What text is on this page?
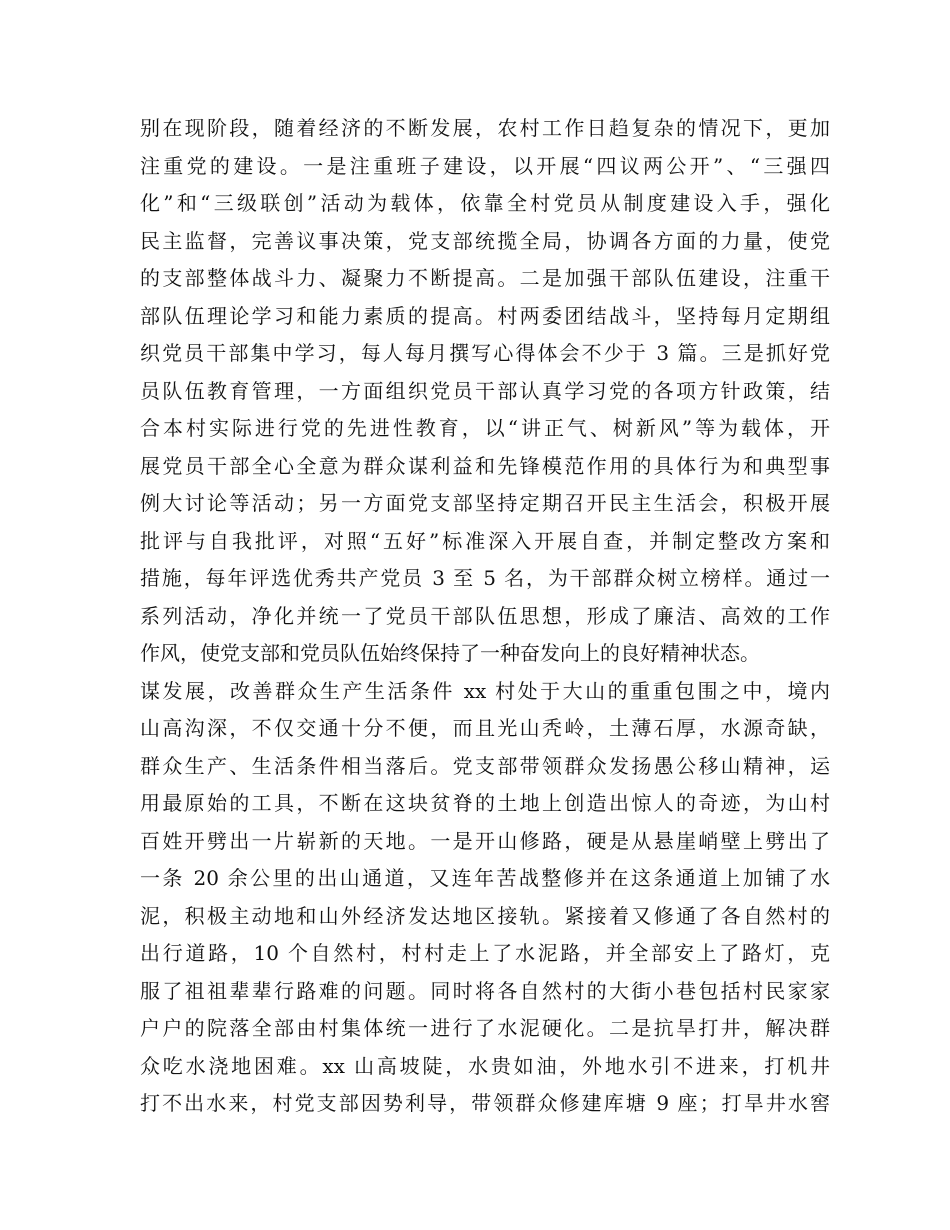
别在现阶段，随着经济的不断发展，农村工作日趋复杂的情况下，更加
注重党的建设。一是注重班子建设，以开展“四议两公开”、“三强四
化”和“三级联创”活动为载体，依靠全村党员从制度建设入手，强化
民主监督，完善议事决策，党支部统揽全局，协调各方面的力量，使党
的支部整体战斗力、凝聚力不断提高。二是加强干部队伍建设，注重干
部队伍理论学习和能力素质的提高。村两委团结战斗，坚持每月定期组
织党员干部集中学习，每人每月撰写心得体会不少于 3 篇。三是抓好党
员队伍教育管理，一方面组织党员干部认真学习党的各项方针政策，结
合本村实际进行党的先进性教育，以“讲正气、树新风”等为载体，开
展党员干部全心全意为群众谋利益和先锋模范作用的具体行为和典型事
例大讨论等活动；另一方面党支部坚持定期召开民主生活会，积极开展
批评与自我批评，对照“五好”标准深入开展自查，并制定整改方案和
措施，每年评选优秀共产党员 3 至 5 名，为干部群众树立榜样。通过一
系列活动，净化并统一了党员干部队伍思想，形成了廉洁、高效的工作
作风，使党支部和党员队伍始终保持了一种奋发向上的良好精神状态。
谋发展，改善群众生产生活条件 xx 村处于大山的重重包围之中，境内
山高沟深，不仅交通十分不便，而且光山秃岭，土薄石厚，水源奇缺，
群众生产、生活条件相当落后。党支部带领群众发扬愚公移山精神，运
用最原始的工具，不断在这块贫脊的土地上创造出惊人的奇迹，为山村
百姓开劈出一片崭新的天地。一是开山修路，硬是从悬崖峭壁上劈出了
一条 20 余公里的出山通道，又连年苦战整修并在这条通道上加铺了水
泥，积极主动地和山外经济发达地区接轨。紧接着又修通了各自然村的
出行道路，10 个自然村，村村走上了水泥路，并全部安上了路灯，克
服了祖祖辈辈行路难的问题。同时将各自然村的大街小巷包括村民家家
户户的院落全部由村集体统一进行了水泥硬化。二是抗旱打井，解决群
众吃水浇地困难。xx 山高坡陡，水贵如油，外地水引不进来，打机井
打不出水来，村党支部因势利导，带领群众修建库塘 9 座；打旱井水窖
